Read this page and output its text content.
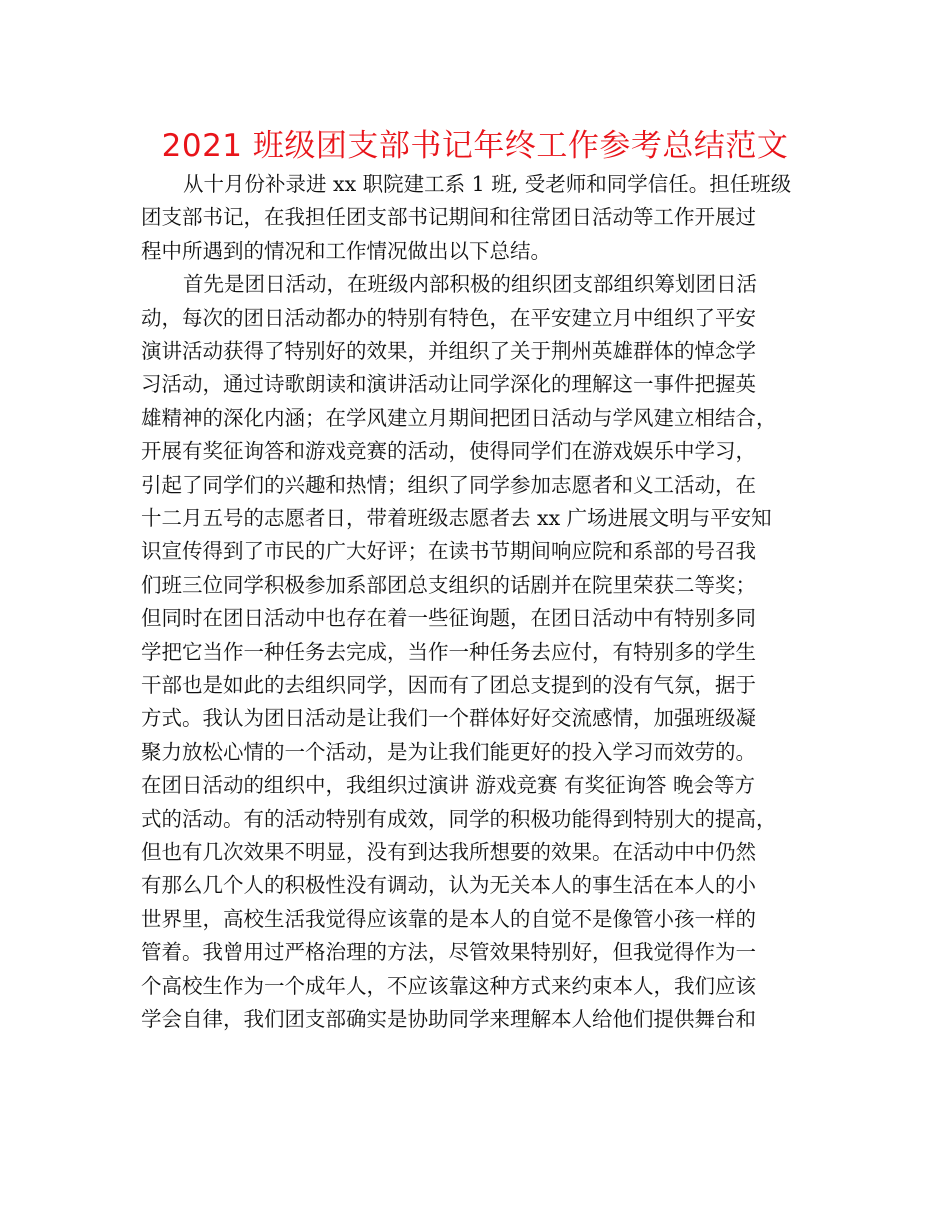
2021 班级团支部书记年终工作参考总结范文
从十月份补录进 xx 职院建工系 1 班, 受老师和同学信任。担任班级
团支部书记，在我担任团支部书记期间和往常团日活动等工作开展过
程中所遇到的情况和工作情况做出以下总结。
首先是团日活动，在班级内部积极的组织团支部组织筹划团日活
动，每次的团日活动都办的特别有特色，在平安建立月中组织了平安
演讲活动获得了特别好的效果，并组织了关于荆州英雄群体的悼念学
习活动，通过诗歌朗读和演讲活动让同学深化的理解这一事件把握英
雄精神的深化内涵；在学风建立月期间把团日活动与学风建立相结合，
开展有奖征询答和游戏竞赛的活动，使得同学们在游戏娱乐中学习，
引起了同学们的兴趣和热情；组织了同学参加志愿者和义工活动，在
十二月五号的志愿者日，带着班级志愿者去 xx 广场进展文明与平安知
识宣传得到了市民的广大好评；在读书节期间响应院和系部的号召我
们班三位同学积极参加系部团总支组织的话剧并在院里荣获二等奖；
但同时在团日活动中也存在着一些征询题，在团日活动中有特别多同
学把它当作一种任务去完成，当作一种任务去应付，有特别多的学生
干部也是如此的去组织同学，因而有了团总支提到的没有气氛，据于
方式。我认为团日活动是让我们一个群体好好交流感情，加强班级凝
聚力放松心情的一个活动，是为让我们能更好的投入学习而效劳的。
在团日活动的组织中，我组织过演讲 游戏竞赛 有奖征询答 晚会等方
式的活动。有的活动特别有成效，同学的积极功能得到特别大的提高，
但也有几次效果不明显，没有到达我所想要的效果。在活动中中仍然
有那么几个人的积极性没有调动，认为无关本人的事生活在本人的小
世界里，高校生活我觉得应该靠的是本人的自觉不是像管小孩一样的
管着。我曾用过严格治理的方法，尽管效果特别好，但我觉得作为一
个高校生作为一个成年人，不应该靠这种方式来约束本人，我们应该
学会自律，我们团支部确实是协助同学来理解本人给他们提供舞台和
